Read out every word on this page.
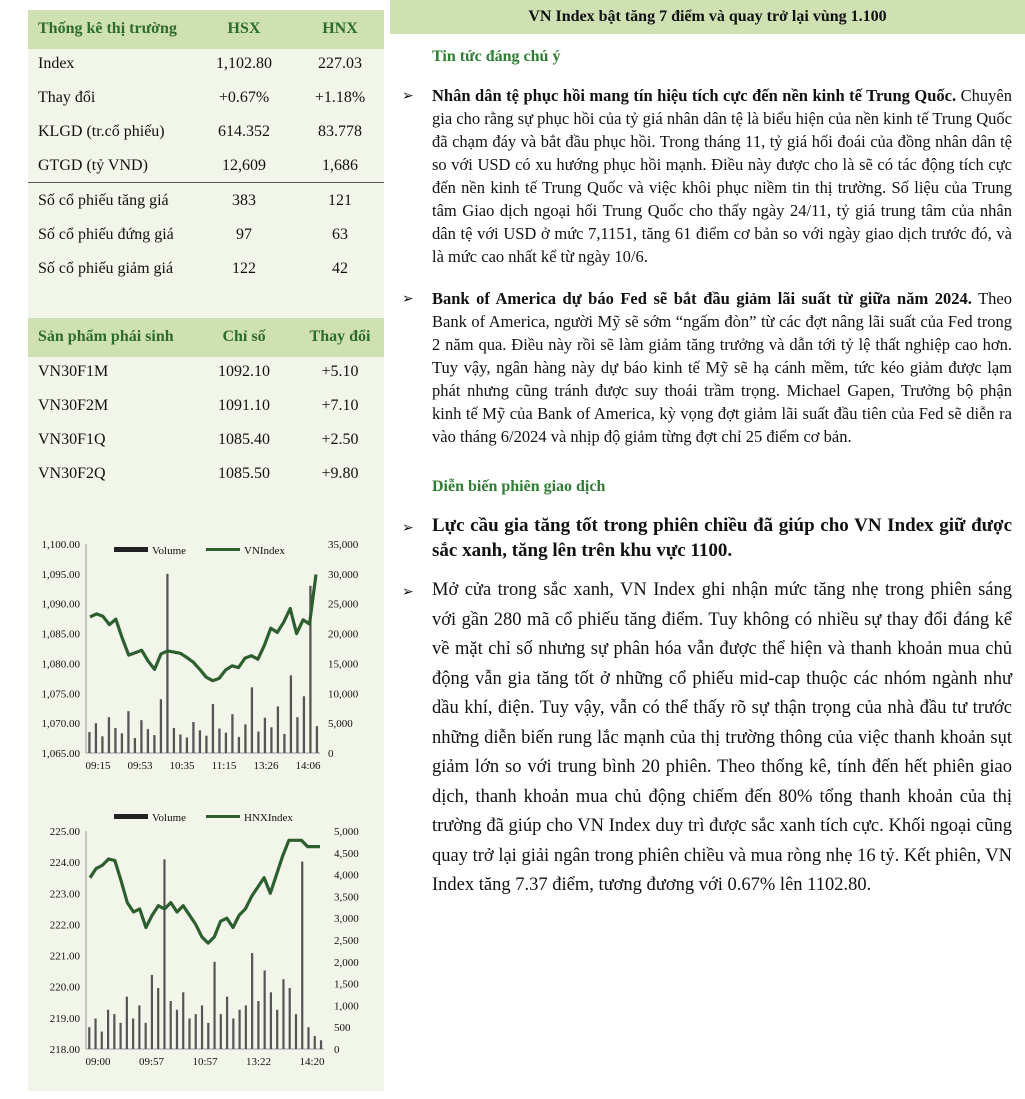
Thống kê thị trường	HSX	HNX
Index	1,102.80	227.03
Thay đổi	+0.67%	+1.18%
KLGD (tr.cổ phiếu)	614.352	83.778
GTGD (tỷ VND)	12,609	1,686
Số cổ phiếu tăng giá	383	121
Số cổ phiếu đứng giá	97	63
Số cổ phiếu giảm giá	122	42
Sản phẩm phái sinh	Chỉ số	Thay đổi
VN30F1M	1092.10	+5.10
VN30F2M	1091.10	+7.10
VN30F1Q	1085.40	+2.50
VN30F2Q	1085.50	+9.80
1,100.00
1,095.00
1,090.00
1,085.00
1,080.00
1,075.00
1,070.00
1,065.00
35,000
30,000
25,000
20,000
15,000
10,000
5,000
0
09:15 09:53 10:35 11:15 13:26 14:06
Volume	VNIndex
225.00
224.00
223.00
222.00
221.00
220.00
219.00
218.00
5,000
4,500
4,000
3,500
3,000
2,500
2,000
1,500
1,000
500
0
09:00	09:57	10:57	13:22	14:20
Volume	HNXIndex
VN Index bật tăng 7 điểm và quay trở lại vùng 1.100
Tin tức đáng chú ý
➢ Nhân dân tệ phục hồi mang tín hiệu tích cực đến nền kinh tế Trung Quốc. Chuyên gia cho rằng sự phục hồi của tỷ giá nhân dân tệ là biểu hiện của nền kinh tế Trung Quốc đã chạm đáy và bắt đầu phục hồi. Trong tháng 11, tỷ giá hối đoái của đồng nhân dân tệ so với USD có xu hướng phục hồi mạnh. Điều này được cho là sẽ có tác động tích cực đến nền kinh tế Trung Quốc và việc khôi phục niềm tin thị trường. Số liệu của Trung tâm Giao dịch ngoại hối Trung Quốc cho thấy ngày 24/11, tỷ giá trung tâm của nhân dân tệ với USD ở mức 7,1151, tăng 61 điểm cơ bản so với ngày giao dịch trước đó, và là mức cao nhất kể từ ngày 10/6.
➢ Bank of America dự báo Fed sẽ bắt đầu giảm lãi suất từ giữa năm 2024. Theo Bank of America, người Mỹ sẽ sớm “ngấm đòn” từ các đợt nâng lãi suất của Fed trong 2 năm qua. Điều này rồi sẽ làm giảm tăng trưởng và dẫn tới tỷ lệ thất nghiệp cao hơn. Tuy vậy, ngân hàng này dự báo kinh tế Mỹ sẽ hạ cánh mềm, tức kéo giảm được lạm phát nhưng cũng tránh được suy thoái trầm trọng. Michael Gapen, Trưởng bộ phận kinh tế Mỹ của Bank of America, kỳ vọng đợt giảm lãi suất đầu tiên của Fed sẽ diễn ra vào tháng 6/2024 và nhịp độ giảm từng đợt chỉ 25 điểm cơ bản.
Diễn biến phiên giao dịch
➢ Lực cầu gia tăng tốt trong phiên chiều đã giúp cho VN Index giữ được sắc xanh, tăng lên trên khu vực 1100.
➢ Mở cửa trong sắc xanh, VN Index ghi nhận mức tăng nhẹ trong phiên sáng với gần 280 mã cổ phiếu tăng điểm. Tuy không có nhiều sự thay đổi đáng kể về mặt chỉ số nhưng sự phân hóa vẫn được thể hiện và thanh khoản mua chủ động vẫn gia tăng tốt ở những cổ phiếu mid-cap thuộc các nhóm ngành như dầu khí, điện. Tuy vậy, vẫn có thể thấy rõ sự thận trọng của nhà đầu tư trước những diễn biến rung lắc mạnh của thị trường thông của việc thanh khoản sụt giảm lớn so với trung bình 20 phiên. Theo thống kê, tính đến hết phiên giao dịch, thanh khoản mua chủ động chiếm đến 80% tổng thanh khoản của thị trường đã giúp cho VN Index duy trì được sắc xanh tích cực. Khối ngoại cũng quay trở lại giải ngân trong phiên chiều và mua ròng nhẹ 16 tỷ. Kết phiên, VN Index tăng 7.37 điểm, tương đương với 0.67% lên 1102.80.
